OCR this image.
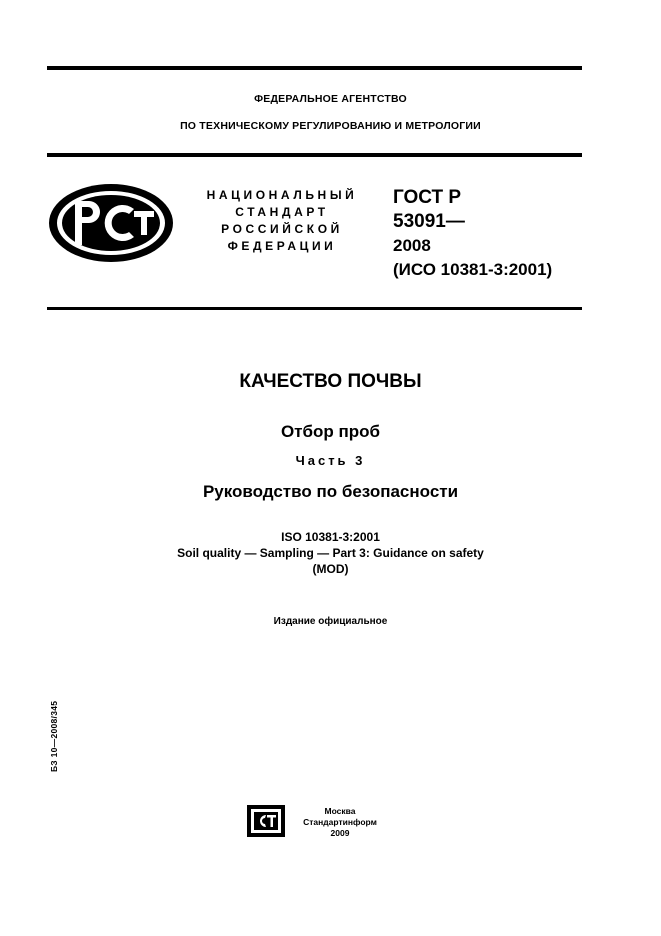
ФЕДЕРАЛЬНОЕ АГЕНТСТВО
ПО ТЕХНИЧЕСКОМУ РЕГУЛИРОВАНИЮ И МЕТРОЛОГИИ
НАЦИОНАЛЬНЫЙ
СТАНДАРТ
РОССИЙСКОЙ
ФЕДЕРАЦИИ
ГОСТ Р
53091—
2008
(ИСО 10381-3:2001)
КАЧЕСТВО ПОЧВЫ
Отбор проб
Часть 3
Руководство по безопасности
ISO 10381-3:2001
Soil quality — Sampling — Part 3: Guidance on safety
(MOD)
Издание официальное
БЗ 10—2008/345
Москва
Стандартинформ
2009
